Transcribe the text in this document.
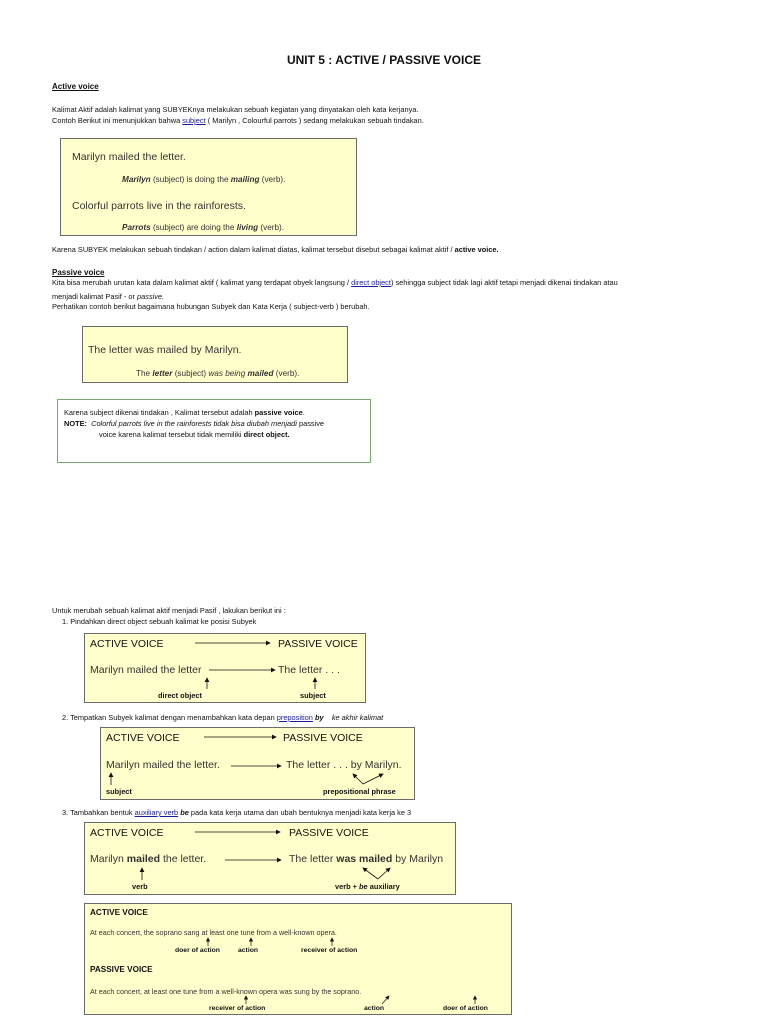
UNIT 5 : ACTIVE / PASSIVE VOICE
Active voice
Kalimat Aktif adalah kalimat yang SUBYEKnya melakukan sebuah kegiatan yang dinyatakan oleh kata kerjanya.
Contoh Berikut ini menunjukkan bahwa subject ( Marilyn , Colourful parrots ) sedang melakukan sebuah tindakan.
Marilyn mailed the letter.
Marilyn (subject) is doing the mailing (verb).
Colorful parrots live in the rainforests.
Parrots (subject) are doing the living (verb).
Karena SUBYEK melakukan sebuah tindakan / action dalam kalimat diatas, kalimat tersebut disebut sebagai kalimat aktif / active voice.
Passive voice
Kita bisa merubah urutan kata dalam kalimat aktif ( kalimat yang terdapat obyek langsung / direct object) sehingga subject tidak lagi aktif tetapi menjadi dikenai tindakan atau
menjadi kalimat Pasif - or passive.
Perhatikan contoh berikut bagaimana hubungan Subyek dan Kata Kerja ( subject-verb ) berubah.
The letter was mailed by Marilyn.
The letter (subject) was being mailed (verb).
Karena subject dikenai tindakan , Kalimat tersebut adalah passive voice.
NOTE: Colorful parrots live in the rainforests tidak bisa diubah menjadi passive
voice karena kalimat tersebut tidak memiliki direct object.
Untuk merubah sebuah kalimat aktif menjadi Pasif , lakukan berikut ini :
1. Pindahkan direct object sebuah kalimat ke posisi Subyek
ACTIVE VOICE	PASSIVE VOICE
Marilyn mailed the letter	The letter . . .
direct object	subject
2. Tempatkan Subyek kalimat dengan menambahkan kata depan preposition by ke akhir kalimat
ACTIVE VOICE	PASSIVE VOICE
Marilyn mailed the letter.	The letter . . . by Marilyn.
subject	prepositional phrase
3. Tambahkan bentuk auxiliary verb be pada kata kerja utama dan ubah bentuknya menjadi kata kerja ke 3
ACTIVE VOICE	PASSIVE VOICE
Marilyn mailed the letter.	The letter was mailed by Marilyn
verb	verb + be auxiliary
ACTIVE VOICE
At each concert, the soprano sang at least one tune from a well-known opera.
doer of action	action	receiver of action
PASSIVE VOICE
At each concert, at least one tune from a well-known opera was sung by the soprano.
receiver of action	action	doer of action
